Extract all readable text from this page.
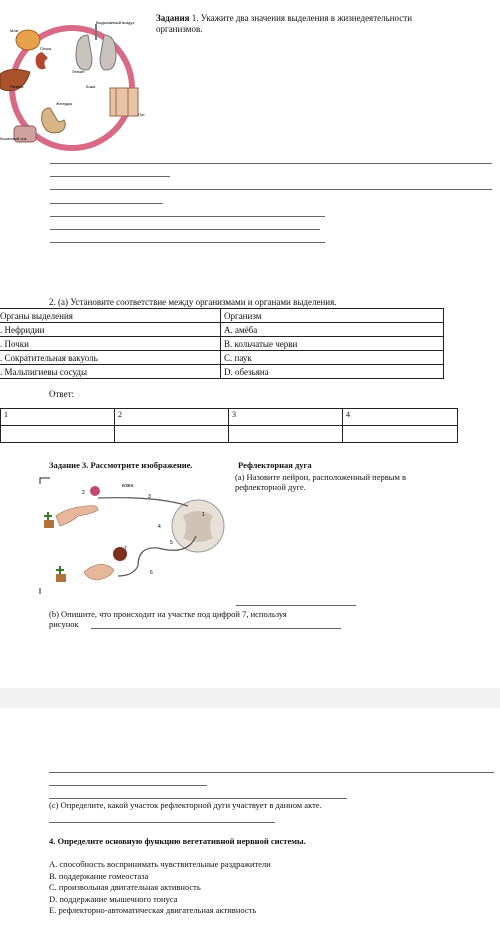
Мозг
Выдыхаемый воздух
Почка
Легкие
Печень	Кожа
Желудок
Пот
Кишечный сок
Задания 1. Укажите два значения выделения в жизнедеятельности
организмов.
2. (a) Установите соответствие между организмами и органами выделения.
Органы выделения	Организм
. Нефридии	A. амёба
. Почки	B. кольчатые черви
. Сократительная вакуоль	C. паук
. Мальпигиевы сосуды	D. обезьяна
Ответ:
1	2	3	4

Задание 3. Рассмотрите изображение.	Рефлекторная дуга
(a) Назовите нейрон, расположенный первым в
рефлекторной дуге.
кожа
2
3
4
5
6
7
1
(b) Опишите, что происходит на участке под цифрой 7, используя
рисунок
(c) Определите, какой участок рефлекторной дуги участвует в данном акте.
4. Определите основную функцию вегетативной нервной системы.
A. способность воспринимать чувствительные раздражители
B. поддержание гомеостаза
C. произвольная двигательная активность
D. поддержание мышечного тонуса
E. рефлекторно-автоматическая двигательная активность
